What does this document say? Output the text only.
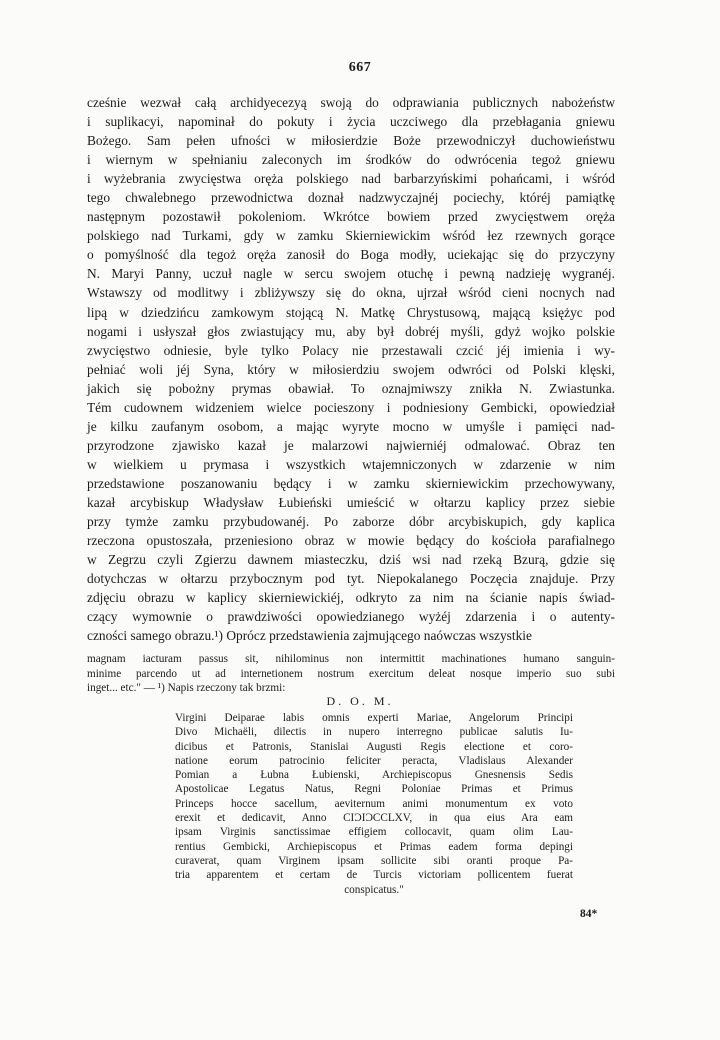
667
cześnie wezwał całą archidyecezyą swoją do odprawiania publicznych nabożeństw
i suplikacyi, napominał do pokuty i życia uczciwego dla przebłagania gniewu
Bożego. Sam pełen ufności w miłosierdzie Boże przewodniczył duchowieństwu
i wiernym w spełnianiu zaleconych im środków do odwrócenia tegoż gniewu
i wyżebrania zwycięstwa oręża polskiego nad barbarzyńskimi pohańcami, i wśród
tego chwalebnego przewodnictwa doznał nadzwyczajnéj pociechy, któréj pamiątkę
następnym pozostawił pokoleniom. Wkrótce bowiem przed zwycięstwem oręża
polskiego nad Turkami, gdy w zamku Skierniewickim wśród łez rzewnych gorące
o pomyślność dla tegoż oręża zanosił do Boga modły, uciekając się do przyczyny
N. Maryi Panny, uczuł nagle w sercu swojem otuchę i pewną nadzieję wygranéj.
Wstawszy od modlitwy i zbliżywszy się do okna, ujrzał wśród cieni nocnych nad
lipą w dziedzińcu zamkowym stojącą N. Matkę Chrystusową, mającą księżyc pod
nogami i usłyszał głos zwiastujący mu, aby był dobréj myśli, gdyż wojko polskie
zwycięstwo odniesie, byle tylko Polacy nie przestawali czcić jéj imienia i wy-
pełniać woli jéj Syna, który w miłosierdziu swojem odwróci od Polski klęski,
jakich się pobożny prymas obawiał. To oznajmiwszy znikła N. Zwiastunka.
Tém cudownem widzeniem wielce pocieszony i podniesiony Gembicki, opowiedział
je kilku zaufanym osobom, a mając wyryte mocno w umyśle i pamięci nad-
przyrodzone zjawisko kazał je malarzowi najwierniéj odmalować. Obraz ten
w wielkiem u prymasa i wszystkich wtajemniczonych w zdarzenie w nim
przedstawione poszanowaniu będący i w zamku skierniewickim przechowywany,
kazał arcybiskup Władysław Łubieński umieścić w ołtarzu kaplicy przez siebie
przy tymże zamku przybudowanéj. Po zaborze dóbr arcybiskupich, gdy kaplica
rzeczona opustoszała, przeniesiono obraz w mowie będący do kościoła parafialnego
w Zegrzu czyli Zgierzu dawnem miasteczku, dziś wsi nad rzeką Bzurą, gdzie się
dotychczas w ołtarzu przybocznym pod tyt. Niepokalanego Poczęcia znajduje. Przy
zdjęciu obrazu w kaplicy skierniewickiéj, odkryto za nim na ścianie napis świad-
czący wymownie o prawdziwości opowiedzianego wyżéj zdarzenia i o autenty-
czności samego obrazu.¹) Oprócz przedstawienia zajmującego naówczas wszystkie
magnam iacturam passus sit, nihilominus non intermittit machinationes humano sanguin-
minime parcendo ut ad internetionem nostrum exercitum deleat nosque imperio suo subi
inget... etc." — ¹) Napis rzeczony tak brzmi:
D. O. M.
Virgini Deiparae labis omnis experti Mariae, Angelorum Principi
Divo Michaëli, dilectis in nupero interregno publicae salutis Iu-
dicibus et Patronis, Stanislai Augusti Regis electione et coro-
natione eorum patrocinio feliciter peracta, Vladislaus Alexander
Pomian a Łubna Łubienski, Archiepiscopus Gnesnensis Sedis
Apostolicae Legatus Natus, Regni Poloniae Primas et Primus
Princeps hocce sacellum, aeviternum animi monumentum ex voto
erexit et dedicavit, Anno CIƆIƆCCLXV, in qua eius Ara eam
ipsam Virginis sanctissimae effigiem collocavit, quam olim Lau-
rentius Gembicki, Archiepiscopus et Primas eadem forma depingi
curaverat, quam Virginem ipsam sollicite sibi oranti proque Pa-
tria apparentem et certam de Turcis victoriam pollicentem fuerat
conspicatus."
84*
